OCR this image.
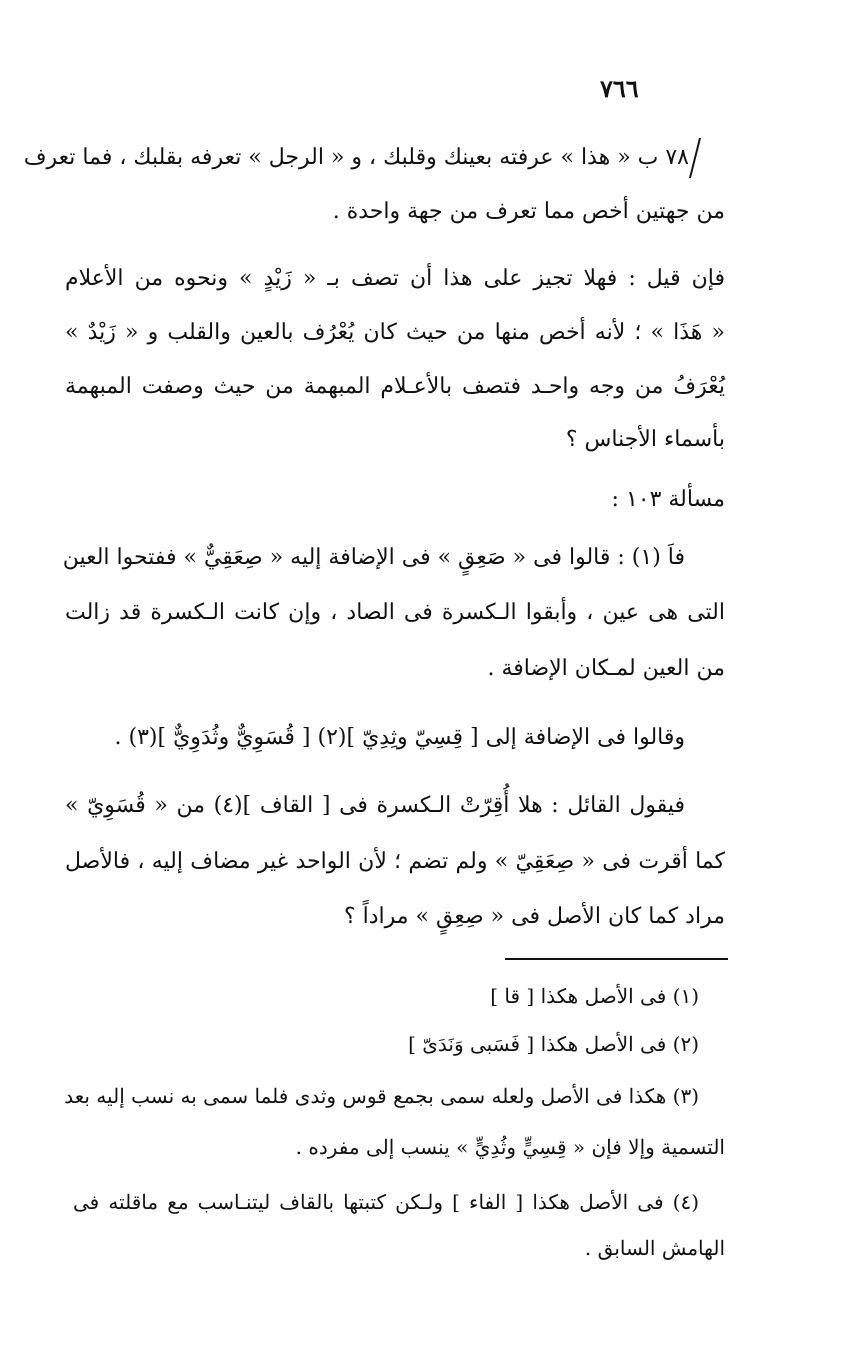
٧٦٦
٧٨ ب « هذا » عرفته بعينك وقلبك ، و « الرجل » تعرفه بقلبك ، فما تعرف
من جهتين أخص مما تعرف من جهة واحدة .
فإن قيل : فهلا تجيز على هذا أن تصف بـ « زَيْدٍ » ونحوه من الأعلام
« هَذَا » ؛ لأنه أخص منها من حيث كان يُعْرُف بالعين والقلب و « زَيْدٌ »
يُعْرَفُ من وجه واحـد فتصف بالأعـلام المبهمة من حيث وصفت المبهمة
بأسماء الأجناس ؟
مسألة ١٠٣ :
فاَ (١) : قالوا فى « صَعِقٍ » فى الإضافة إليه « صِعَقِيٌّ » ففتحوا العين
التى هى عين ، وأبقوا الـكسرة فى الصاد ، وإن كانت الـكسرة قد زالت
من العين لمـكان الإضافة .
وقالوا فى الإضافة إلى [ قِسِيّ وثِدِيّ ](٢) [ قُسَوِيٌّ وثُدَوِيٌّ ](٣) .
فيقول القائل : هلا أُقِرّتْ الـكسرة فى [ القاف ](٤) من « قُسَوِيّ »
كما أقرت فى « صِعَقِيّ » ولم تضم ؛ لأن الواحد غير مضاف إليه ، فالأصل
مراد كما كان الأصل فى « صِعِقٍ » مراداً ؟
(١) فى الأصل هكذا [ قا ]
(٢) فى الأصل هكذا [ فَسَبى وَنَدَىّ ]
(٣) هكذا فى الأصل ولعله سمى بجمع قوس وثدى فلما سمى به نسب إليه بعد
التسمية وإلا فإن « قِسِيٍّ وثُدِيٍّ » ينسب إلى مفرده .
(٤) فى الأصل هكذا [ الفاء ] ولـكن كتبتها بالقاف ليتنـاسب مع ماقلته فى
الهامش السابق .
